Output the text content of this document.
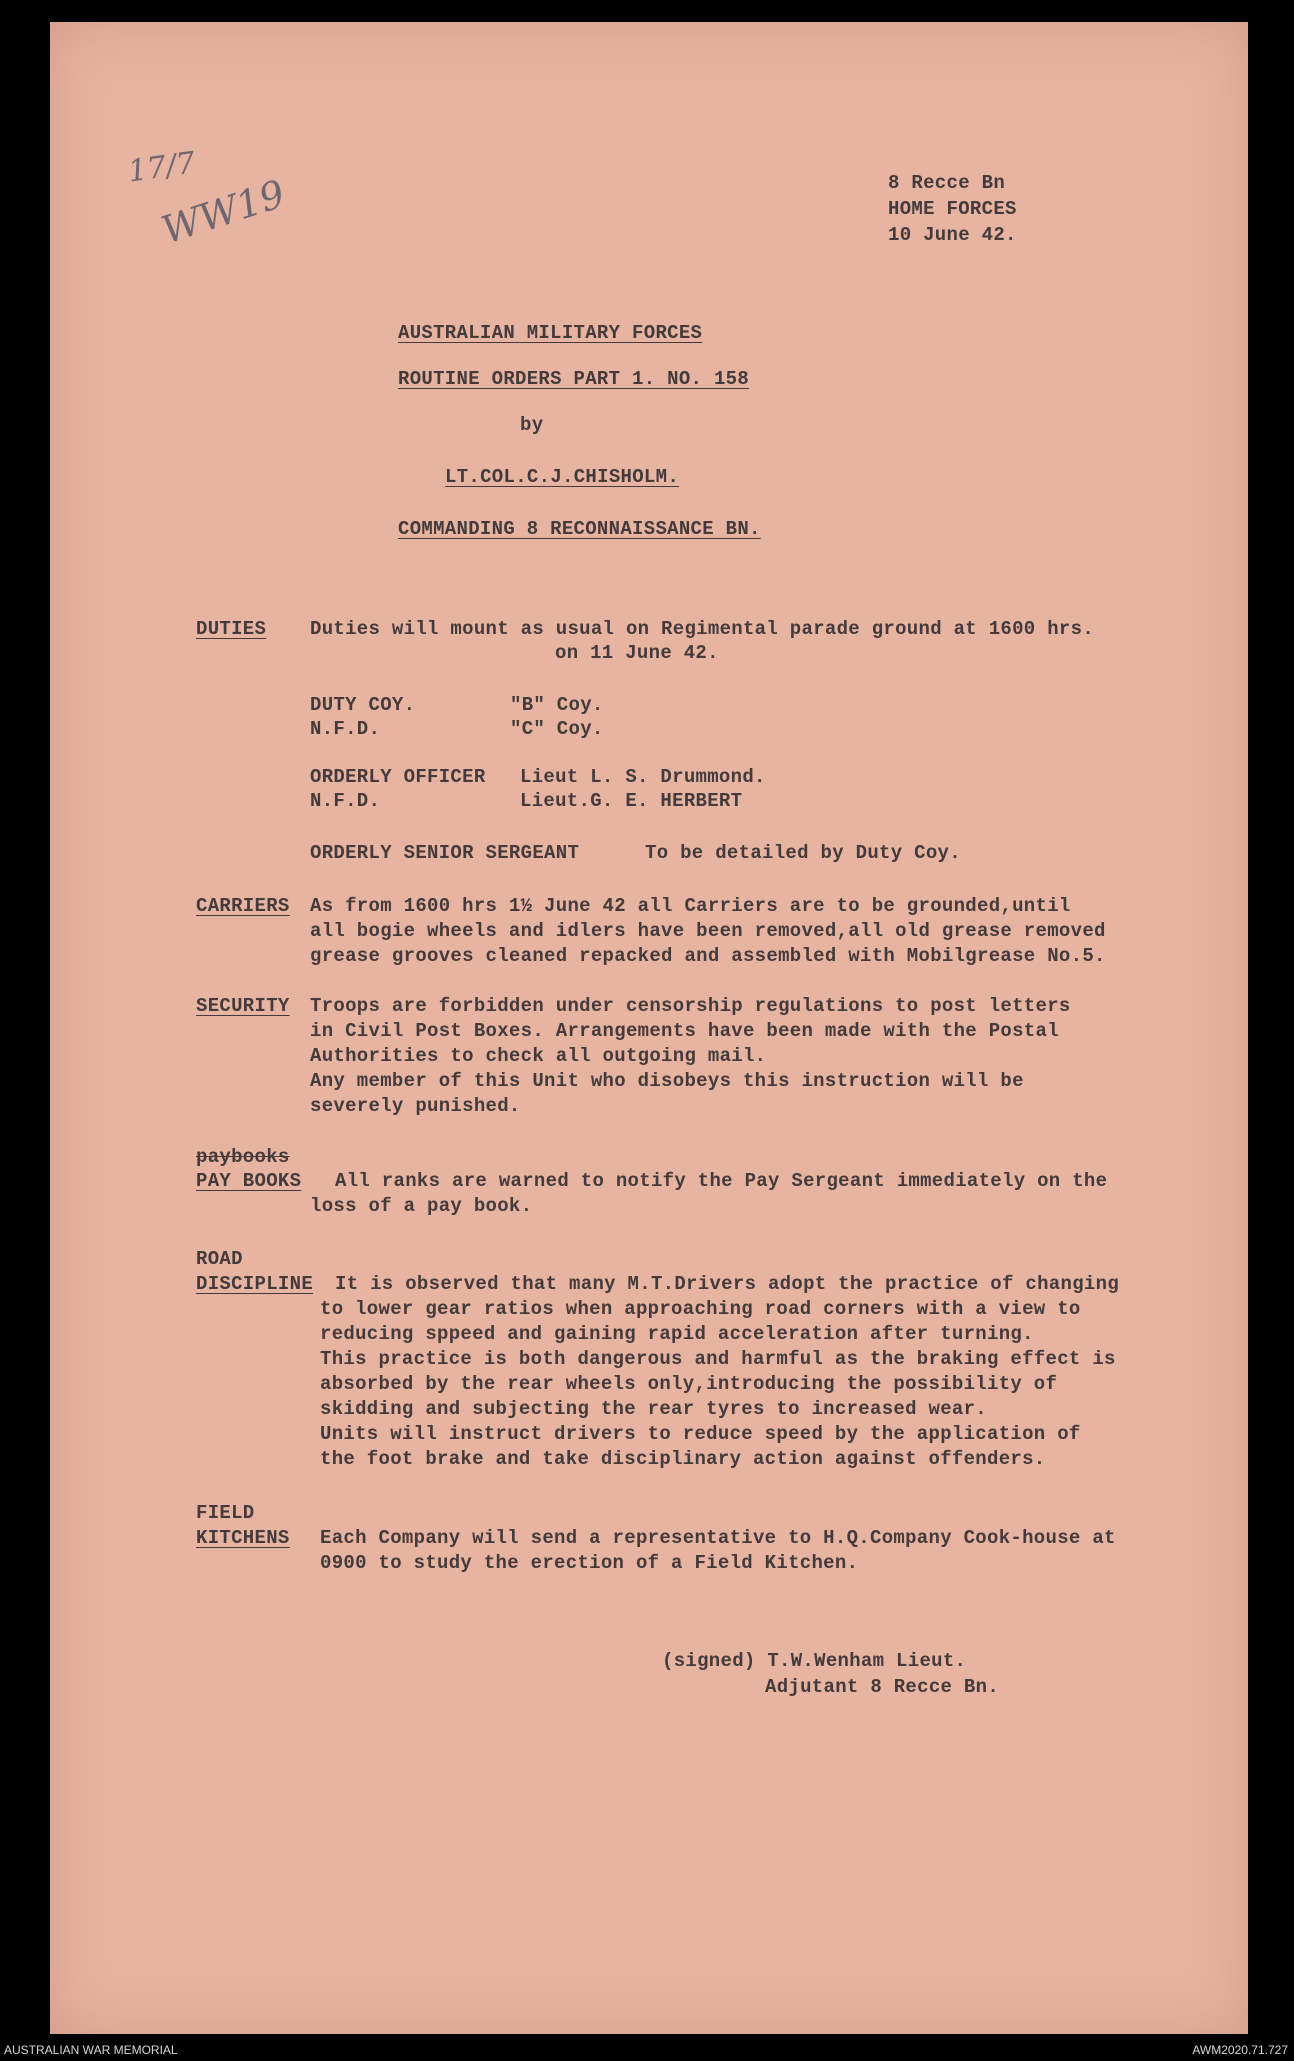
17/7
WW19	8 Recce Bn
HOME FORCES
10 June 42.
AUSTRALIAN MILITARY FORCES
ROUTINE ORDERS PART 1. NO. 158
by
LT.COL.C.J.CHISHOLM.
COMMANDING 8 RECONNAISSANCE BN.
DUTIES Duties will mount as usual on Regimental parade ground at 1600 hrs.
on 11 June 42.
DUTY COY.	"B" Coy.
N.F.D.	"C" Coy.
ORDERLY OFFICER Lieut L. S. Drummond.
N.F.D.	Lieut.G. E. HERBERT
ORDERLY SENIOR SERGEANT	To be detailed by Duty Coy.
CARRIERS As from 1600 hrs 1½ June 42 all Carriers are to be grounded,until
all bogie wheels and idlers have been removed,all old grease removed
grease grooves cleaned repacked and assembled with Mobilgrease No.5.
SECURITY Troops are forbidden under censorship regulations to post letters
in Civil Post Boxes. Arrangements have been made with the Postal
Authorities to check all outgoing mail.
Any member of this Unit who disobeys this instruction will be
severely punished.
paybooks
PAY BOOKS All ranks are warned to notify the Pay Sergeant immediately on the
loss of a pay book.
ROAD
DISCIPLINE It is observed that many M.T.Drivers adopt the practice of changing
to lower gear ratios when approaching road corners with a view to
reducing sppeed and gaining rapid acceleration after turning.
This practice is both dangerous and harmful as the braking effect is
absorbed by the rear wheels only,introducing the possibility of
skidding and subjecting the rear tyres to increased wear.
Units will instruct drivers to reduce speed by the application of
the foot brake and take disciplinary action against offenders.
FIELD
KITCHENS Each Company will send a representative to H.Q.Company Cook-house at
0900 to study the erection of a Field Kitchen.
(signed) T.W.Wenham Lieut.
Adjutant 8 Recce Bn.
AUSTRALIAN WAR MEMORIAL	AWM2020.71.727
